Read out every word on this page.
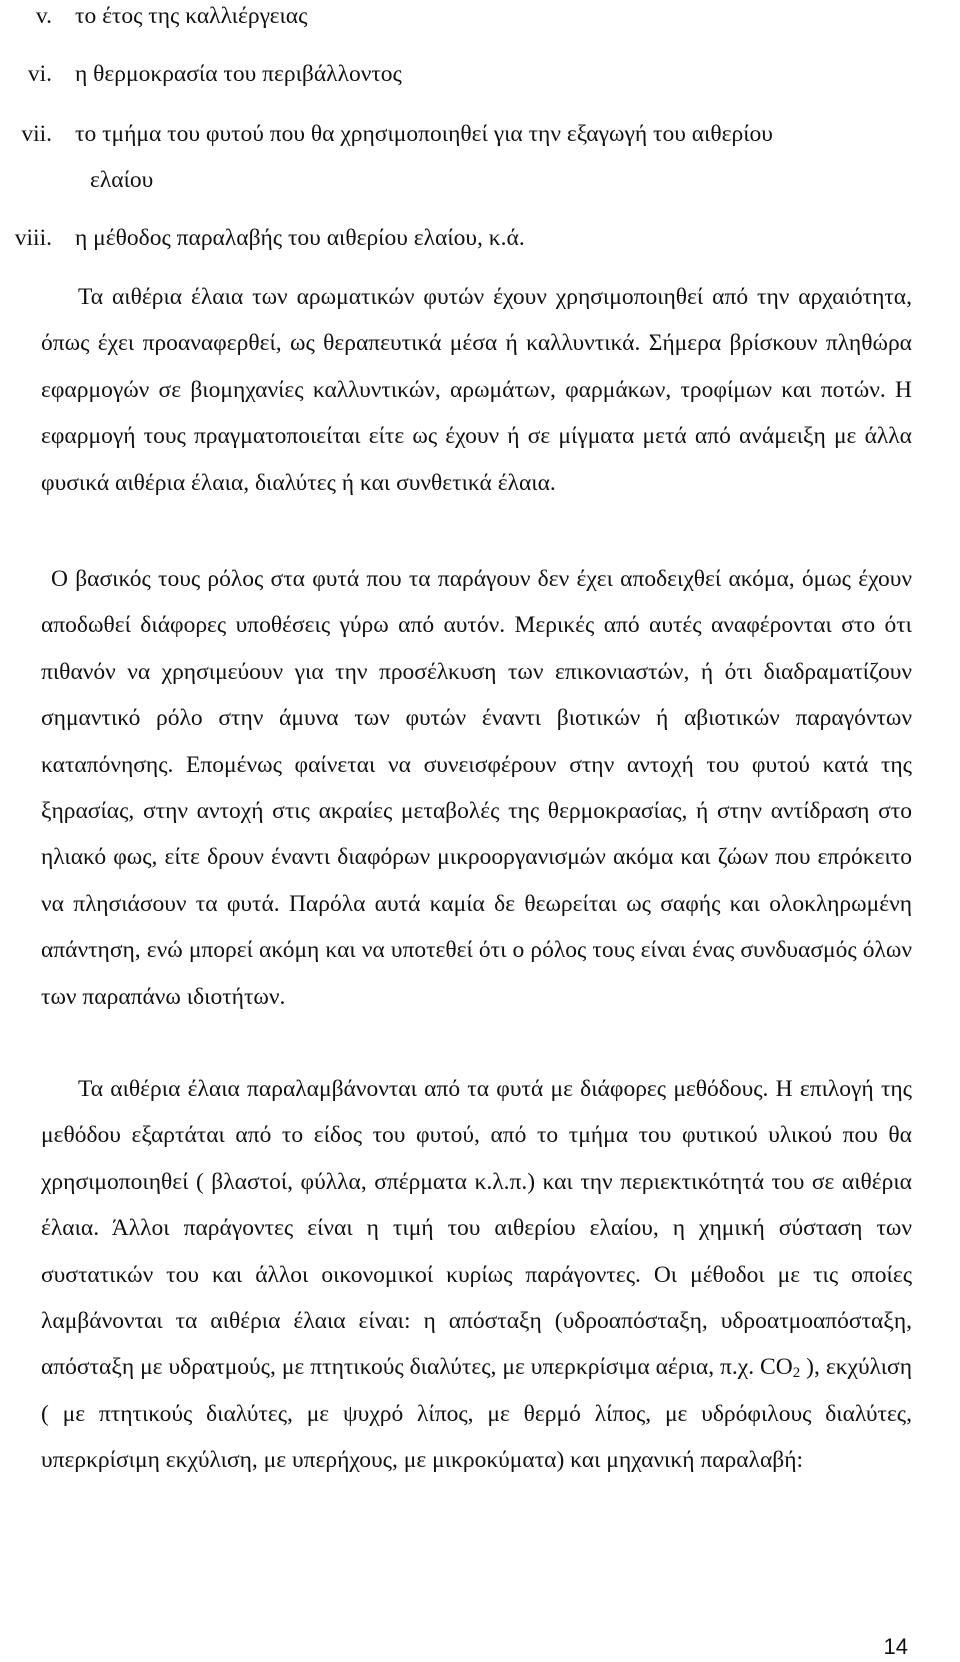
v. το έτος της καλλιέργειας
vi. η θερμοκρασία του περιβάλλοντος
vii. το τμήμα του φυτού που θα χρησιμοποιηθεί για την εξαγωγή του αιθερίου
ελαίου
viii. η μέθοδος παραλαβής του αιθερίου ελαίου, κ.ά.
Τα αιθέρια έλαια των αρωματικών φυτών έχουν χρησιμοποιηθεί από την αρχαιότητα, όπως έχει προαναφερθεί, ως θεραπευτικά μέσα ή καλλυντικά. Σήμερα βρίσκουν πληθώρα εφαρμογών σε βιομηχανίες καλλυντικών, αρωμάτων, φαρμάκων, τροφίμων και ποτών. Η εφαρμογή τους πραγματοποιείται είτε ως έχουν ή σε μίγματα μετά από ανάμειξη με άλλα φυσικά αιθέρια έλαια, διαλύτες ή και συνθετικά έλαια.
Ο βασικός τους ρόλος στα φυτά που τα παράγουν δεν έχει αποδειχθεί ακόμα, όμως έχουν αποδωθεί διάφορες υποθέσεις γύρω από αυτόν. Μερικές από αυτές αναφέρονται στο ότι πιθανόν να χρησιμεύουν για την προσέλκυση των επικονιαστών, ή ότι διαδραματίζουν σημαντικό ρόλο στην άμυνα των φυτών έναντι βιοτικών ή αβιοτικών παραγόντων καταπόνησης. Επομένως φαίνεται να συνεισφέρουν στην αντοχή του φυτού κατά της ξηρασίας, στην αντοχή στις ακραίες μεταβολές της θερμοκρασίας, ή στην αντίδραση στο ηλιακό φως, είτε δρουν έναντι διαφόρων μικροοργανισμών ακόμα και ζώων που επρόκειτο να πλησιάσουν τα φυτά. Παρόλα αυτά καμία δε θεωρείται ως σαφής και ολοκληρωμένη απάντηση, ενώ μπορεί ακόμη και να υποτεθεί ότι ο ρόλος τους είναι ένας συνδυασμός όλων των παραπάνω ιδιοτήτων.
Τα αιθέρια έλαια παραλαμβάνονται από τα φυτά με διάφορες μεθόδους. Η επιλογή της μεθόδου εξαρτάται από το είδος του φυτού, από το τμήμα του φυτικού υλικού που θα χρησιμοποιηθεί ( βλαστοί, φύλλα, σπέρματα κ.λ.π.) και την περιεκτικότητά του σε αιθέρια έλαια. Άλλοι παράγοντες είναι η τιμή του αιθερίου ελαίου, η χημική σύσταση των συστατικών του και άλλοι οικονομικοί κυρίως παράγοντες. Οι μέθοδοι με τις οποίες λαμβάνονται τα αιθέρια έλαια είναι: η απόσταξη (υδροαπόσταξη, υδροατμοαπόσταξη, απόσταξη με υδρατμούς, με πτητικούς διαλύτες, με υπερκρίσιμα αέρια, π.χ. $CO_2$ ), εκχύλιση ( με πτητικούς διαλύτες, με ψυχρό λίπος, με θερμό λίπος, με υδρόφιλους διαλύτες, υπερκρίσιμη εκχύλιση, με υπερήχους, με μικροκύματα) και μηχανική παραλαβή:
14
